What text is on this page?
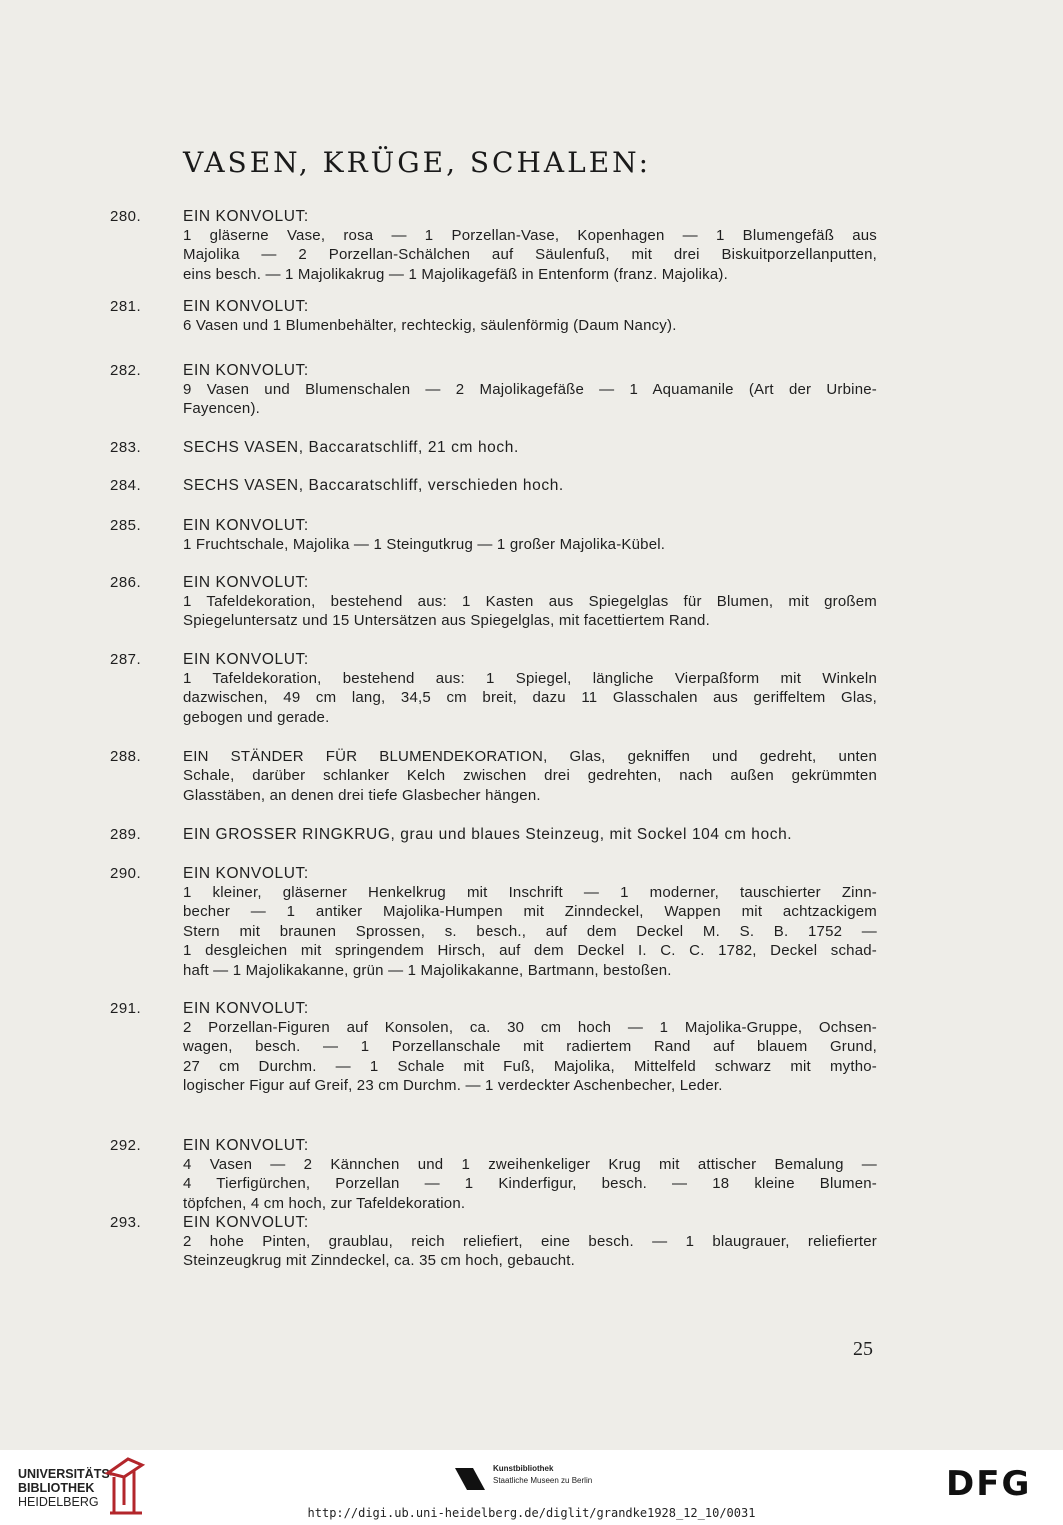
VASEN, KRÜGE, SCHALEN:
280.	EIN KONVOLUT:
1 gläserne Vase, rosa — 1 Porzellan-Vase, Kopenhagen — 1 Blumengefäß aus
Majolika — 2 Porzellan-Schälchen auf Säulenfuß, mit drei Biskuitporzellanputten,
eins besch. — 1 Majolikakrug — 1 Majolikagefäß in Entenform (franz. Majolika).
281.	EIN KONVOLUT:
6 Vasen und 1 Blumenbehälter, rechteckig, säulenförmig (Daum Nancy).
282.	EIN KONVOLUT:
9 Vasen und Blumenschalen — 2 Majolikagefäße — 1 Aquamanile (Art der Urbine-
Fayencen).
283.	SECHS VASEN, Baccaratschliff, 21 cm hoch.
284.	SECHS VASEN, Baccaratschliff, verschieden hoch.
285.	EIN KONVOLUT:
1 Fruchtschale, Majolika — 1 Steingutkrug — 1 großer Majolika-Kübel.
286.	EIN KONVOLUT:
1 Tafeldekoration, bestehend aus: 1 Kasten aus Spiegelglas für Blumen, mit großem
Spiegeluntersatz und 15 Untersätzen aus Spiegelglas, mit facettiertem Rand.
287.	EIN KONVOLUT:
1 Tafeldekoration, bestehend aus: 1 Spiegel, längliche Vierpaßform mit Winkeln
dazwischen, 49 cm lang, 34,5 cm breit, dazu 11 Glasschalen aus geriffeltem Glas,
gebogen und gerade.
288.	EIN STÄNDER FÜR BLUMENDEKORATION, Glas, gekniffen und gedreht, unten
Schale, darüber schlanker Kelch zwischen drei gedrehten, nach außen gekrümmten
Glasstäben, an denen drei tiefe Glasbecher hängen.
289.	EIN GROSSER RINGKRUG, grau und blaues Steinzeug, mit Sockel 104 cm hoch.
290.	EIN KONVOLUT:
1 kleiner, gläserner Henkelkrug mit Inschrift — 1 moderner, tauschierter Zinn-
becher — 1 antiker Majolika-Humpen mit Zinndeckel, Wappen mit achtzackigem
Stern mit braunen Sprossen, s. besch., auf dem Deckel M. S. B. 1752 —
1 desgleichen mit springendem Hirsch, auf dem Deckel I. C. C. 1782, Deckel schad-
haft — 1 Majolikakanne, grün — 1 Majolikakanne, Bartmann, bestoßen.
291.	EIN KONVOLUT:
2 Porzellan-Figuren auf Konsolen, ca. 30 cm hoch — 1 Majolika-Gruppe, Ochsen-
wagen, besch. — 1 Porzellanschale mit radiertem Rand auf blauem Grund,
27 cm Durchm. — 1 Schale mit Fuß, Majolika, Mittelfeld schwarz mit mytho-
logischer Figur auf Greif, 23 cm Durchm. — 1 verdeckter Aschenbecher, Leder.
292.	EIN KONVOLUT:
4 Vasen — 2 Kännchen und 1 zweihenkeliger Krug mit attischer Bemalung —
4 Tierfigürchen, Porzellan — 1 Kinderfigur, besch. — 18 kleine Blumen-
töpfchen, 4 cm hoch, zur Tafeldekoration.
293.	EIN KONVOLUT:
2 hohe Pinten, graublau, reich reliefiert, eine besch. — 1 blaugrauer, reliefierter
Steinzeugkrug mit Zinndeckel, ca. 35 cm hoch, gebaucht.
25
UNIVERSITÄTS-
BIBLIOTHEK
HEIDELBERG
Kunstbibliothek
Staatliche Museen zu Berlin	DFG
http://digi.ub.uni-heidelberg.de/diglit/grandke1928_12_10/0031
